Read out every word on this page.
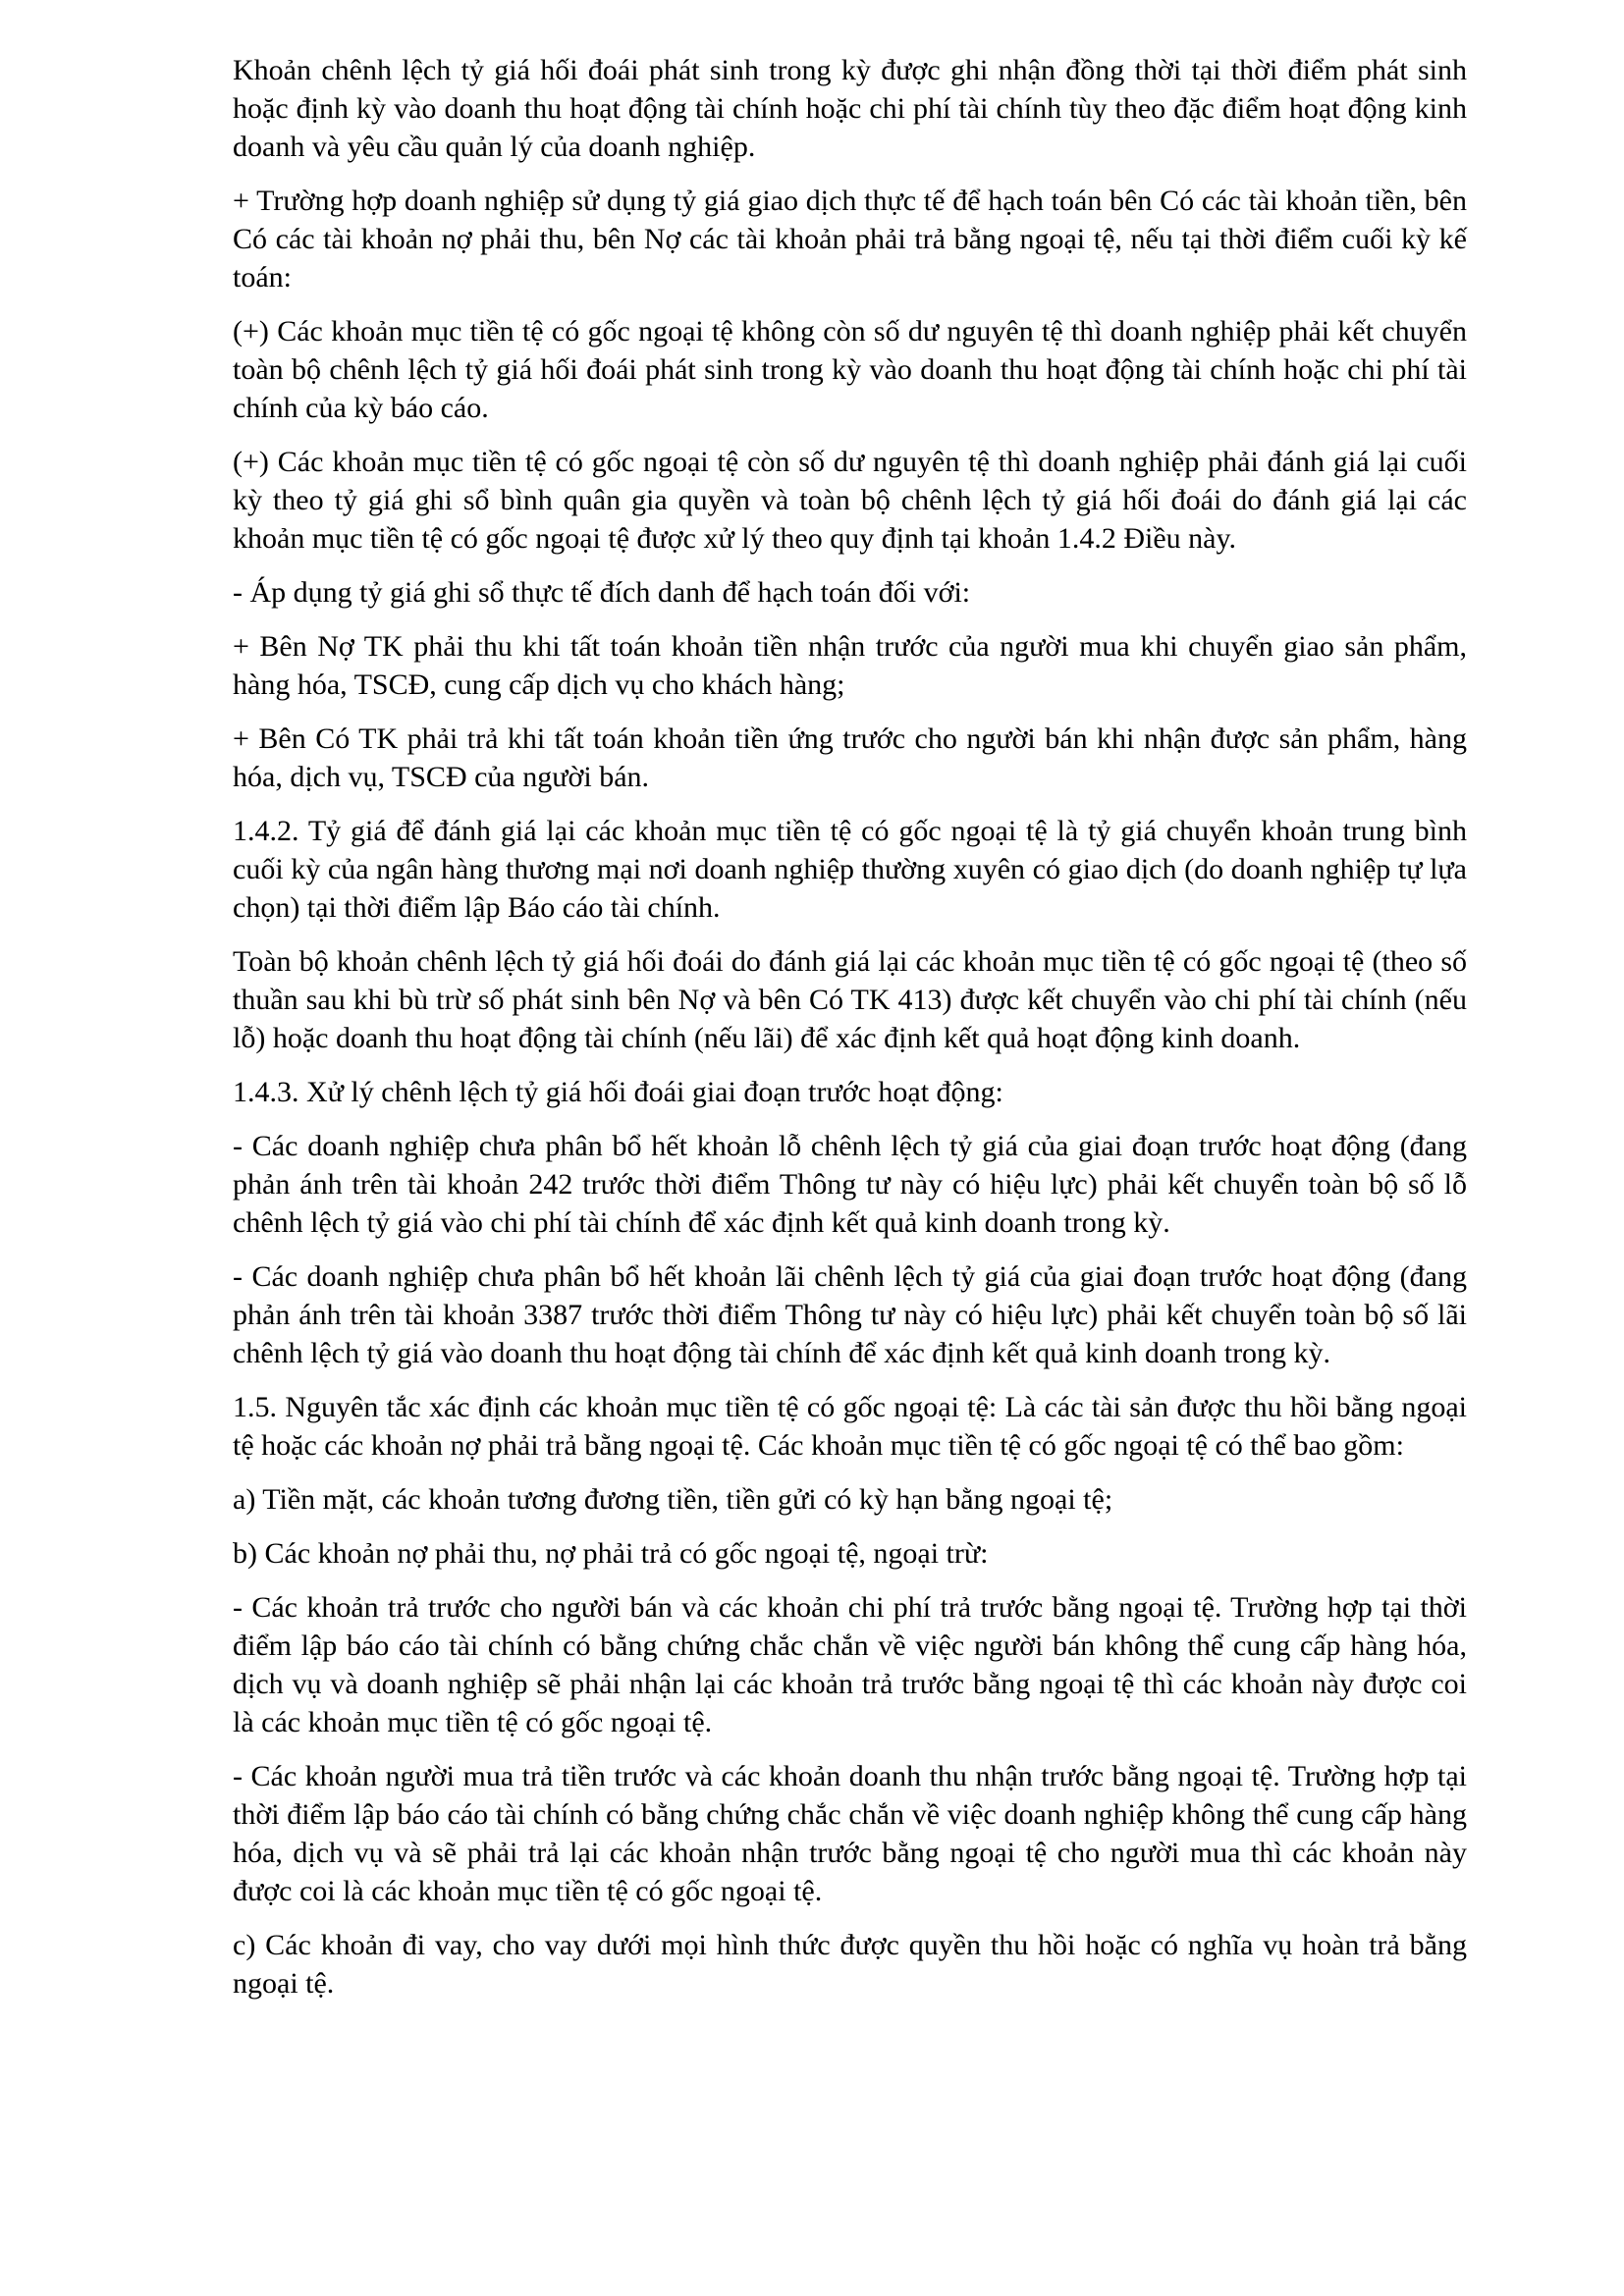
Khoản chênh lệch tỷ giá hối đoái phát sinh trong kỳ được ghi nhận đồng thời tại thời điểm phát sinh hoặc định kỳ vào doanh thu hoạt động tài chính hoặc chi phí tài chính tùy theo đặc điểm hoạt động kinh doanh và yêu cầu quản lý của doanh nghiệp.

+ Trường hợp doanh nghiệp sử dụng tỷ giá giao dịch thực tế để hạch toán bên Có các tài khoản tiền, bên Có các tài khoản nợ phải thu, bên Nợ các tài khoản phải trả bằng ngoại tệ, nếu tại thời điểm cuối kỳ kế toán:

(+) Các khoản mục tiền tệ có gốc ngoại tệ không còn số dư nguyên tệ thì doanh nghiệp phải kết chuyển toàn bộ chênh lệch tỷ giá hối đoái phát sinh trong kỳ vào doanh thu hoạt động tài chính hoặc chi phí tài chính của kỳ báo cáo.

(+) Các khoản mục tiền tệ có gốc ngoại tệ còn số dư nguyên tệ thì doanh nghiệp phải đánh giá lại cuối kỳ theo tỷ giá ghi sổ bình quân gia quyền và toàn bộ chênh lệch tỷ giá hối đoái do đánh giá lại các khoản mục tiền tệ có gốc ngoại tệ được xử lý theo quy định tại khoản 1.4.2 Điều này.

- Áp dụng tỷ giá ghi sổ thực tế đích danh để hạch toán đối với:

+ Bên Nợ TK phải thu khi tất toán khoản tiền nhận trước của người mua khi chuyển giao sản phẩm, hàng hóa, TSCĐ, cung cấp dịch vụ cho khách hàng;

+ Bên Có TK phải trả khi tất toán khoản tiền ứng trước cho người bán khi nhận được sản phẩm, hàng hóa, dịch vụ, TSCĐ của người bán.

1.4.2. Tỷ giá để đánh giá lại các khoản mục tiền tệ có gốc ngoại tệ là tỷ giá chuyển khoản trung bình cuối kỳ của ngân hàng thương mại nơi doanh nghiệp thường xuyên có giao dịch (do doanh nghiệp tự lựa chọn) tại thời điểm lập Báo cáo tài chính.

Toàn bộ khoản chênh lệch tỷ giá hối đoái do đánh giá lại các khoản mục tiền tệ có gốc ngoại tệ (theo số thuần sau khi bù trừ số phát sinh bên Nợ và bên Có TK 413) được kết chuyển vào chi phí tài chính (nếu lỗ) hoặc doanh thu hoạt động tài chính (nếu lãi) để xác định kết quả hoạt động kinh doanh.

1.4.3. Xử lý chênh lệch tỷ giá hối đoái giai đoạn trước hoạt động:

- Các doanh nghiệp chưa phân bổ hết khoản lỗ chênh lệch tỷ giá của giai đoạn trước hoạt động (đang phản ánh trên tài khoản 242 trước thời điểm Thông tư này có hiệu lực) phải kết chuyển toàn bộ số lỗ chênh lệch tỷ giá vào chi phí tài chính để xác định kết quả kinh doanh trong kỳ.

- Các doanh nghiệp chưa phân bổ hết khoản lãi chênh lệch tỷ giá của giai đoạn trước hoạt động (đang phản ánh trên tài khoản 3387 trước thời điểm Thông tư này có hiệu lực) phải kết chuyển toàn bộ số lãi chênh lệch tỷ giá vào doanh thu hoạt động tài chính để xác định kết quả kinh doanh trong kỳ.

1.5. Nguyên tắc xác định các khoản mục tiền tệ có gốc ngoại tệ: Là các tài sản được thu hồi bằng ngoại tệ hoặc các khoản nợ phải trả bằng ngoại tệ. Các khoản mục tiền tệ có gốc ngoại tệ có thể bao gồm:

a) Tiền mặt, các khoản tương đương tiền, tiền gửi có kỳ hạn bằng ngoại tệ;

b) Các khoản nợ phải thu, nợ phải trả có gốc ngoại tệ, ngoại trừ:

- Các khoản trả trước cho người bán và các khoản chi phí trả trước bằng ngoại tệ. Trường hợp tại thời điểm lập báo cáo tài chính có bằng chứng chắc chắn về việc người bán không thể cung cấp hàng hóa, dịch vụ và doanh nghiệp sẽ phải nhận lại các khoản trả trước bằng ngoại tệ thì các khoản này được coi là các khoản mục tiền tệ có gốc ngoại tệ.

- Các khoản người mua trả tiền trước và các khoản doanh thu nhận trước bằng ngoại tệ. Trường hợp tại thời điểm lập báo cáo tài chính có bằng chứng chắc chắn về việc doanh nghiệp không thể cung cấp hàng hóa, dịch vụ và sẽ phải trả lại các khoản nhận trước bằng ngoại tệ cho người mua thì các khoản này được coi là các khoản mục tiền tệ có gốc ngoại tệ.

c) Các khoản đi vay, cho vay dưới mọi hình thức được quyền thu hồi hoặc có nghĩa vụ hoàn trả bằng ngoại tệ.
